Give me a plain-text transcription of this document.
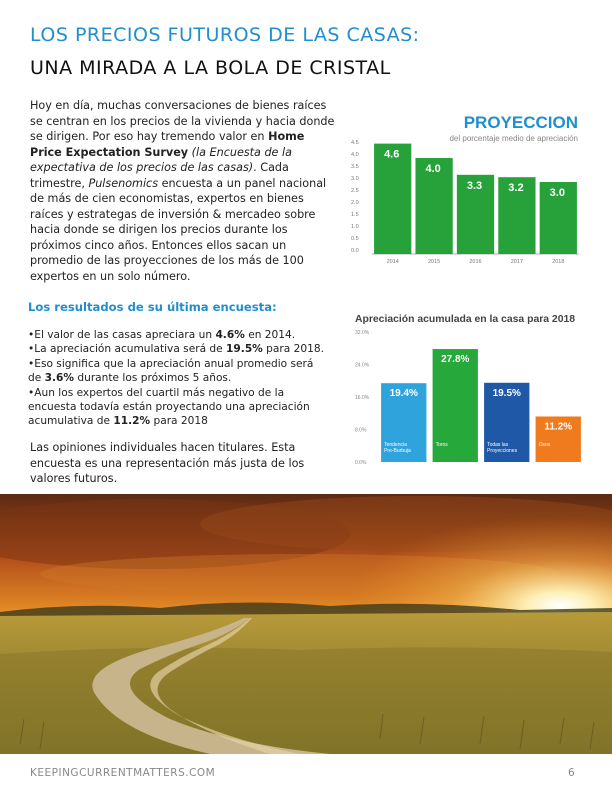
LOS PRECIOS FUTUROS DE LAS CASAS:
UNA MIRADA A LA BOLA DE CRISTAL
Hoy en día, muchas conversaciones de bienes raíces se centran en los precios de la vivienda y hacia donde se dirigen. Por eso hay tremendo valor en Home Price Expectation Survey (la Encuesta de la expectativa de los precios de las casas). Cada trimestre, Pulsenomics encuesta a un panel nacional de más de cien economistas, expertos en bienes raíces y estrategas de inversión & mercadeo sobre hacia donde se dirigen los precios durante los próximos cinco años. Entonces ellos sacan un promedio de las proyecciones de los más de 100 expertos en un solo número.
PROYECCION
del porcentaje medio de apreciación
4.5
4.0
3.5
3.0
2.5
2.0
1.5
1.0
0.5
0.0
4.6
4.0
3.3 3.2 3.0
2014	2015	2016	2017	2018
Los resultados de su última encuesta:

•El valor de las casas apreciara un 4.6% en 2014.

•La apreciación acumulativa será de 19.5% para 2018.

•Eso significa que la apreciación anual promedio será de 3.6% durante los próximos 5 años.

•Aun los expertos del cuartil más negativo de la encuesta todavía están proyectando una apreciación acumulativa de 11.2% para 2018

Apreciación acumulada en la casa para 2018
32.0%
24.0%
16.0%
8.0%
0.0%
19.4%
27.8%
19.5%
11.2%
Tendencia Pre-Burbuja
Toros	Todas las Proyecciones
Osos
Las opiniones individuales hacen titulares. Esta encuesta es una representación más justa de los valores futuros.
KEEPINGCURRENTMATTERS.COM	6
